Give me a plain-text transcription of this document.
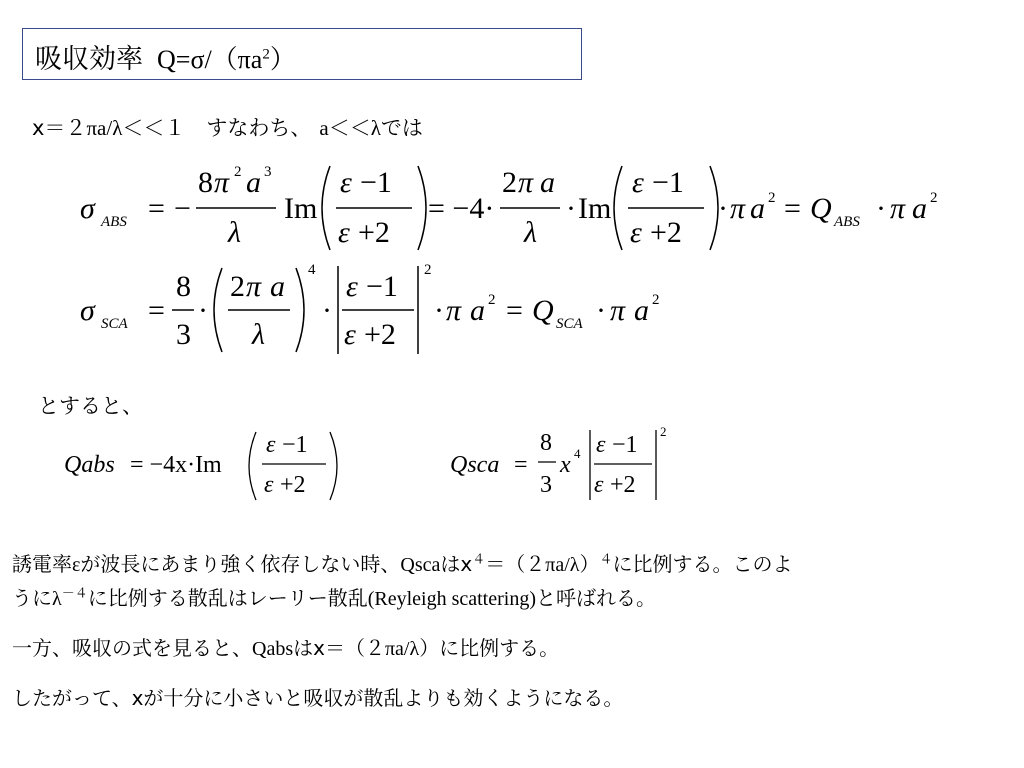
吸収効率 $Q=\sigma/(\pi a^2)$
x＝２πa/λ＜＜１　すなわち、 a＜＜λでは
σ ABS = −
8 π 2 a 3
λ
Im
ε −1
ε +2
= −4·
2 π a
λ
· Im
ε −1
ε +2
· π a 2 = Q ABS · π a 2
σ SCA =
8
3
·
2 π a
λ
4
·
ε −1
ε +2
2
· π a 2 = Q SCA · π a 2
Qabs = −4x·Im
ε −1
ε +2
Qsca =
8
3
x 4 ε −1
ε +2
2
とすると、
誘電率εが波長にあまり強く依存しない時、Qscaは$x^4=(2\pi a/\lambda)^4$に比例する。このよ
うに$\lambda^{-4}$に比例する散乱はレーリー散乱(Reyleigh scattering)と呼ばれる。
一方、吸収の式を見ると、Qabsはx＝（２πa/λ）に比例する。
したがって、xが十分に小さいと吸収が散乱よりも効くようになる。
